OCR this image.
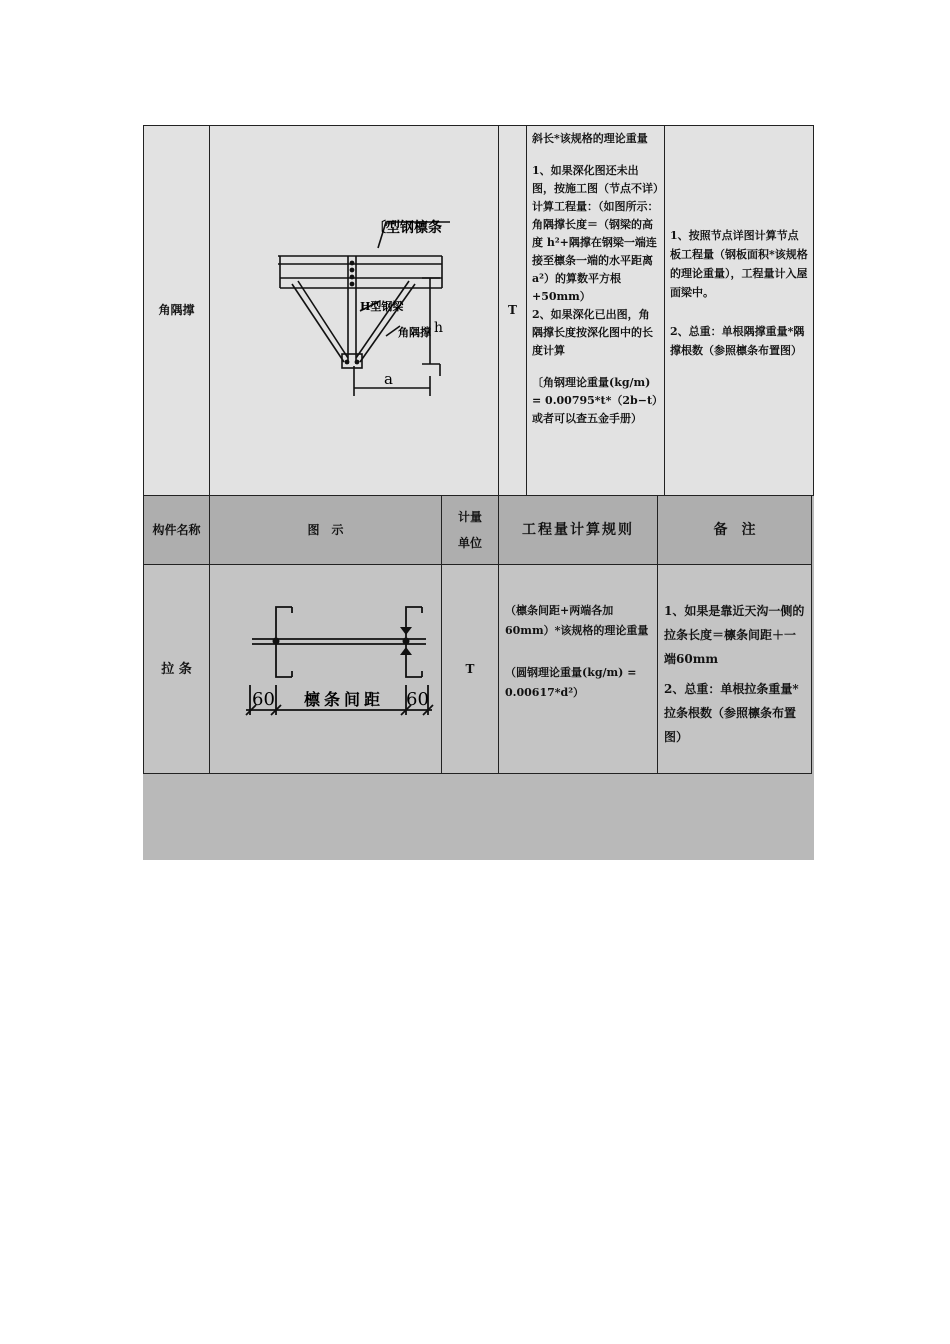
角隅撑
〔型钢檩条
H型钢梁
角隅撑 h
a
T

斜长*该规格的理论重量

1、如果深化图还未出图，按施工图（节点不详）计算工程量：（如图所示：角隅撑长度＝（钢梁的高度 h²+隅撑在钢梁一端连接至檩条一端的水平距离 a²）的算数平方根+50mm）

2、如果深化已出图，角隅撑长度按深化图中的长度计算

〔角钢理论重量(kg/m) = 0.00795*t*（2b−t）或者可以查五金手册）

1、按照节点详图计算节点板工程量（钢板面积*该规格的理论重量），工程量计入屋面梁中。

2、总重：单根隅撑重量*隅撑根数（参照檩条布置图）

构件名称	图　示
计量
单位
工程量计算规则	备　注
拉 条
60 檩条间距 60
T

（檩条间距+两端各加 60mm）*该规格的理论重量

（圆钢理论重量(kg/m) = 0.00617*d²）

1、如果是靠近天沟一侧的拉条长度＝檩条间距＋一端60mm

2、总重：单根拉条重量*拉条根数（参照檩条布置图）
